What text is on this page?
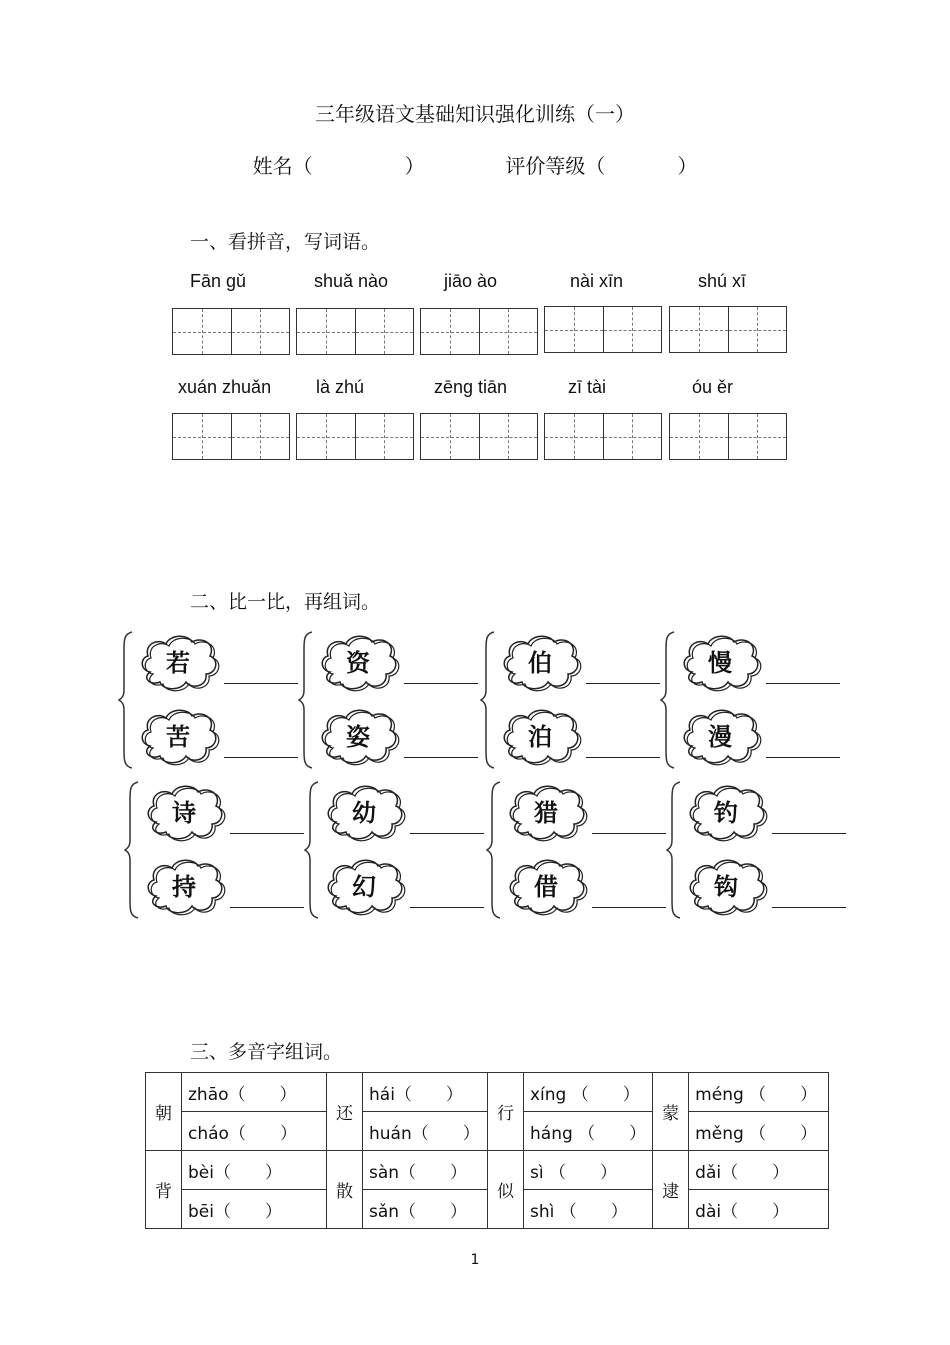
三年级语文基础知识强化训练（一）
姓名（	）	评价等级（	）
一、看拼音，写词语。
Fān gǔ	shuǎ nào	jiāo ào	nài xīn	shú xī
xuán zhuǎn là zhú	zēng tiān	zī tài	óu ěr
二、比一比，再组词。
若
苦
资
姿
伯
泊
慢
漫
诗
持
幼
幻
猎
借
钓
钩
三、多音字组词。
朝	zhāo（　　）	还	hái（　　）	行	xíng （　　）	蒙	méng （　　）
	cháo（　　）		huán（　　）		háng （　　）		měng （　　）
背	bèi（　　）	散	sàn（　　）	似	sì （　　）	逮	dǎi（　　）
	bēi（　　）		sǎn（　　）		shì （　　）		dài（　　）
1
